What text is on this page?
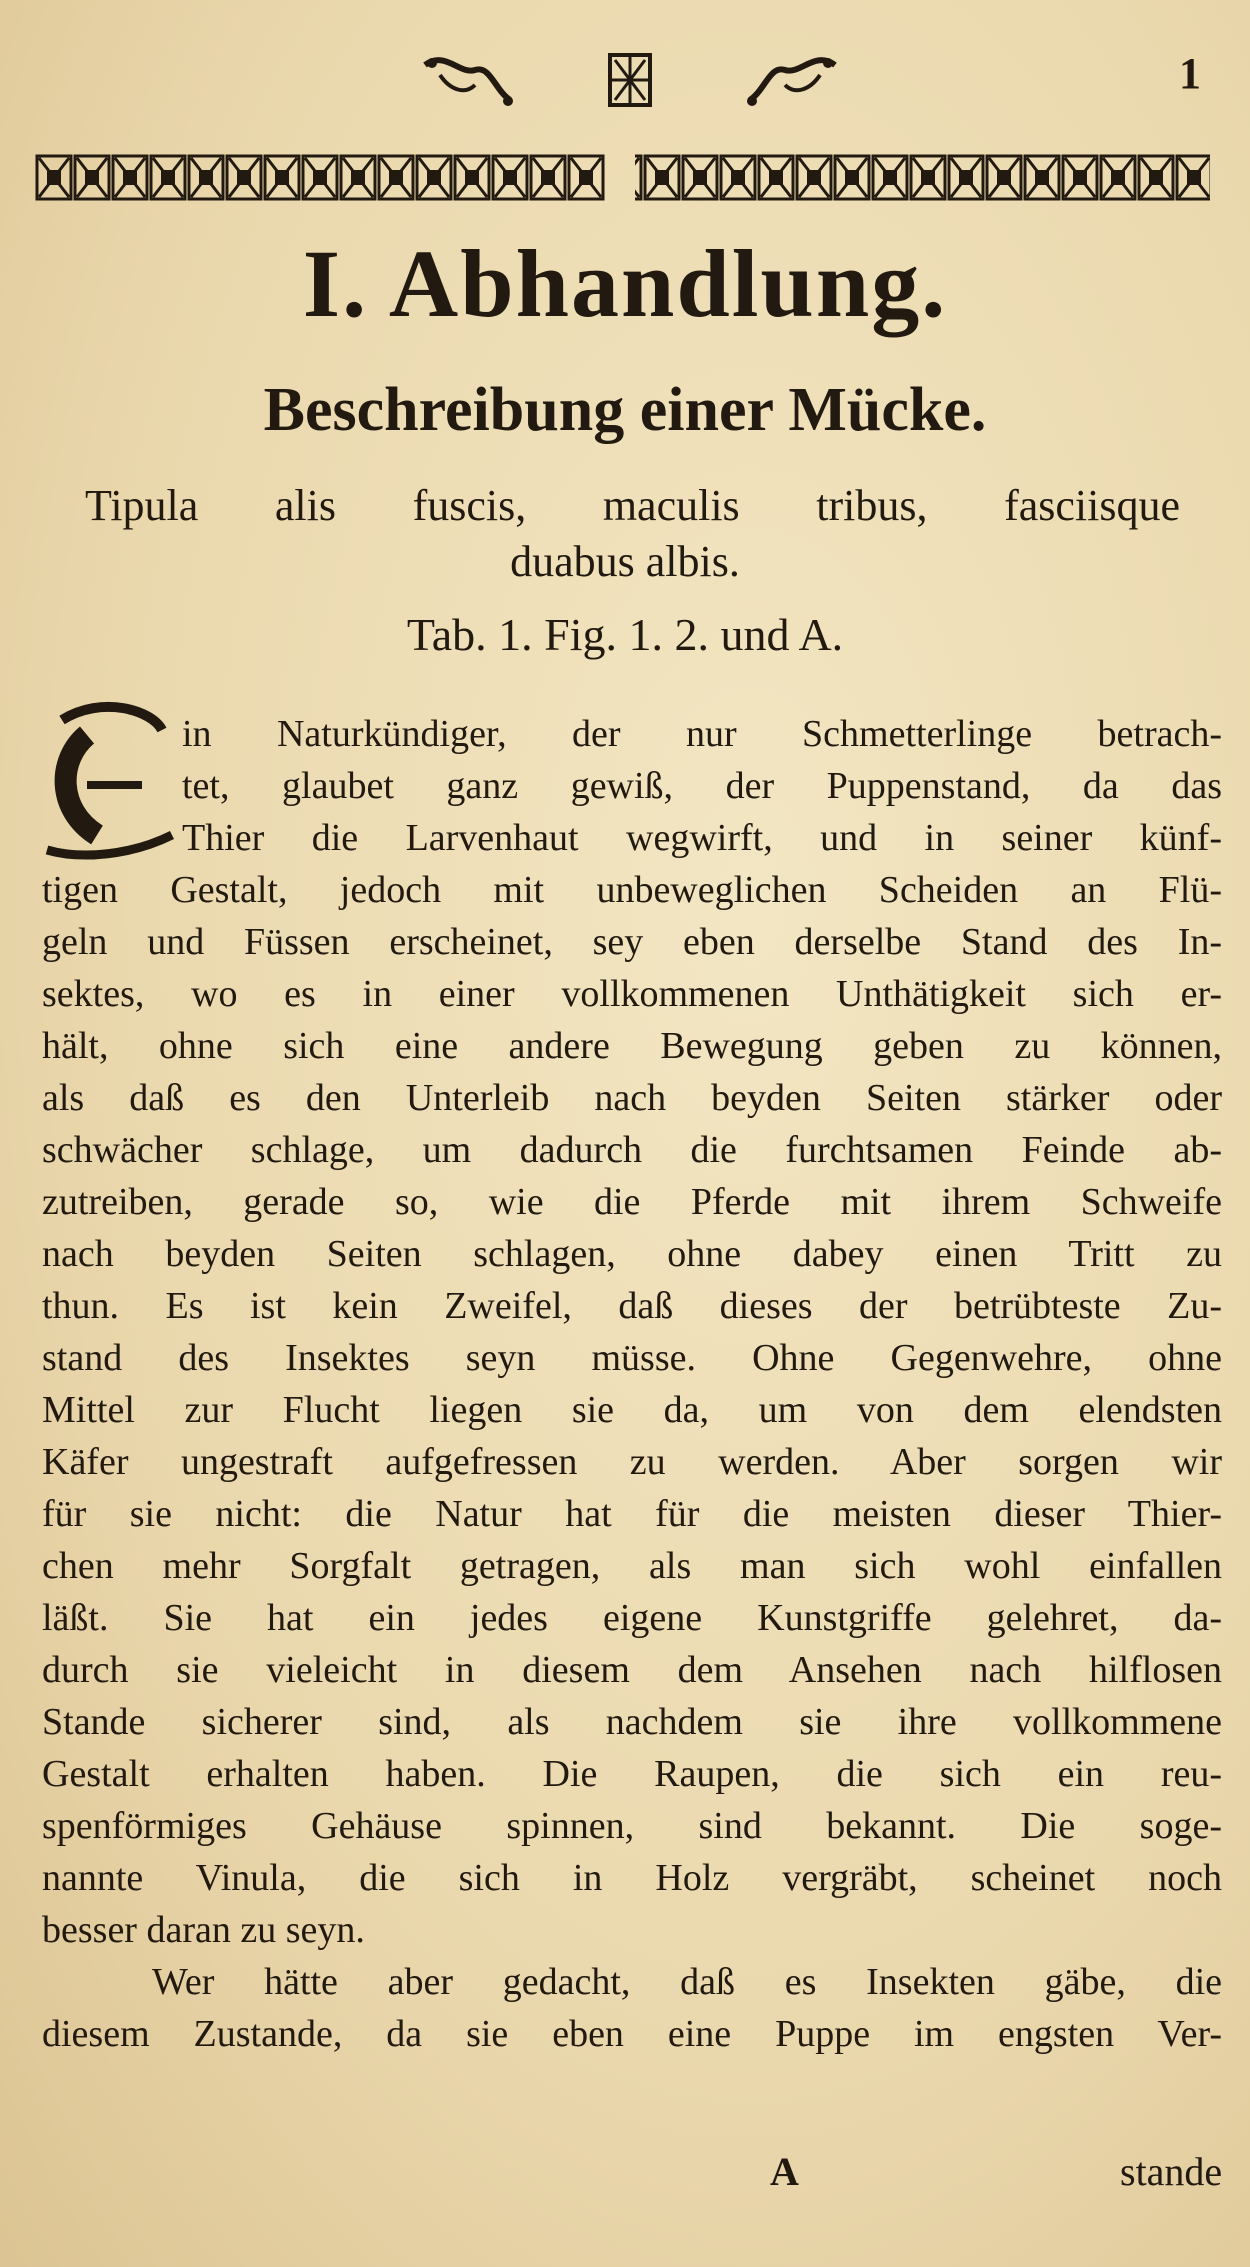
1
I. Abhandlung.
Beschreibung einer Mücke.
Tipula alis fuscis, maculis tribus, fasciisque
duabus albis.
Tab. 1. Fig. 1. 2. und A.
E
in Naturkündiger, der nur Schmetterlinge betrach-
tet, glaubet ganz gewiß, der Puppenstand, da das
Thier die Larvenhaut wegwirft, und in seiner künf-
tigen Gestalt, jedoch mit unbeweglichen Scheiden an Flü-
geln und Füssen erscheinet, sey eben derselbe Stand des In-
sektes, wo es in einer vollkommenen Unthätigkeit sich er-
hält, ohne sich eine andere Bewegung geben zu können,
als daß es den Unterleib nach beyden Seiten stärker oder
schwächer schlage, um dadurch die furchtsamen Feinde ab-
zutreiben, gerade so, wie die Pferde mit ihrem Schweife
nach beyden Seiten schlagen, ohne dabey einen Tritt zu
thun. Es ist kein Zweifel, daß dieses der betrübteste Zu-
stand des Insektes seyn müsse. Ohne Gegenwehre, ohne
Mittel zur Flucht liegen sie da, um von dem elendsten
Käfer ungestraft aufgefressen zu werden. Aber sorgen wir
für sie nicht: die Natur hat für die meisten dieser Thier-
chen mehr Sorgfalt getragen, als man sich wohl einfallen
läßt. Sie hat ein jedes eigene Kunstgriffe gelehret, da-
durch sie vieleicht in diesem dem Ansehen nach hilflosen
Stande sicherer sind, als nachdem sie ihre vollkommene
Gestalt erhalten haben. Die Raupen, die sich ein reu-
spenförmiges Gehäuse spinnen, sind bekannt. Die soge-
nannte Vinula, die sich in Holz vergräbt, scheinet noch
besser daran zu seyn.
Wer hätte aber gedacht, daß es Insekten gäbe, die
diesem Zustande, da sie eben eine Puppe im engsten Ver-
A	stande
